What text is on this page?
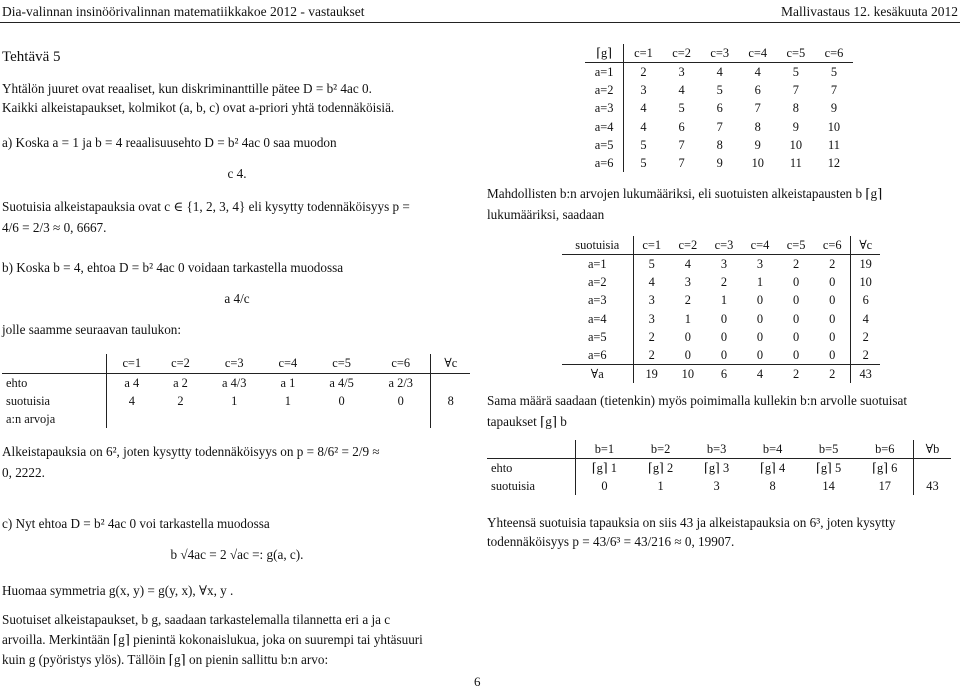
Dia-valinnan insinöörivalinnan matematiikkakoe 2012 - vastaukset	Mallivastaus 12. kesäkuuta 2012
Tehtävä 5

Yhtälön juuret ovat reaaliset, kun diskriminanttille pätee D = b² 4ac 0.

Kaikki alkeistapaukset, kolmikot (a, b, c) ovat a-priori yhtä todennäköisiä.

a) Koska a = 1 ja b = 4 reaalisuusehto D = b² 4ac 0 saa muodon

c 4.

Suotuisia alkeistapauksia ovat c ∈ {1, 2, 3, 4} eli kysytty todennäköisyys p =

4/6 = 2/3 ≈ 0, 6667.

b) Koska b = 4, ehtoa D = b² 4ac 0 voidaan tarkastella muodossa

a 4/c

jolle saamme seuraavan taulukon:

	c=1	c=2	c=3	c=4	c=5	c=6	∀c
ehto	a 4	a 2	a 4/3	a 1	a 4/5	a 2/3	
suotuisia	4	2	1	1	0	0	8
a:n arvoja							

Alkeistapauksia on 6², joten kysytty todennäköisyys on p = 8/6² = 2/9 ≈

0, 2222.

c) Nyt ehtoa D = b² 4ac 0 voi tarkastella muodossa

b √4ac = 2 √ac =: g(a, c).

Huomaa symmetria g(x, y) = g(y, x), ∀x, y .

Suotuiset alkeistapaukset, b g, saadaan tarkastelemalla tilannetta eri a ja c

arvoilla. Merkintään ⌈g⌉ pienintä kokonaislukua, joka on suurempi tai yhtäsuuri

kuin g (pyöristys ylös). Tällöin ⌈g⌉ on pienin sallittu b:n arvo:

⌈g⌉	c=1	c=2	c=3	c=4	c=5	c=6
a=1	2	3	4	4	5	5
a=2	3	4	5	6	7	7
a=3	4	5	6	7	8	9
a=4	4	6	7	8	9	10
a=5	5	7	8	9	10	11
a=6	5	7	9	10	11	12

Mahdollisten b:n arvojen lukumääriksi, eli suotuisten alkeistapausten b ⌈g⌉

lukumääriksi, saadaan

suotuisia	c=1	c=2	c=3	c=4	c=5	c=6	∀c
a=1	5	4	3	3	2	2	19
a=2	4	3	2	1	0	0	10
a=3	3	2	1	0	0	0	6
a=4	3	1	0	0	0	0	4
a=5	2	0	0	0	0	0	2
a=6	2	0	0	0	0	0	2
∀a	19	10	6	4	2	2	43

Sama määrä saadaan (tietenkin) myös poimimalla kullekin b:n arvolle suotuisat

tapaukset ⌈g⌉ b

	b=1	b=2	b=3	b=4	b=5	b=6	∀b
ehto	⌈g⌉ 1	⌈g⌉ 2	⌈g⌉ 3	⌈g⌉ 4	⌈g⌉ 5	⌈g⌉ 6	
suotuisia	0	1	3	8	14	17	43

Yhteensä suotuisia tapauksia on siis 43 ja alkeistapauksia on 6³, joten kysytty

todennäköisyys p = 43/6³ = 43/216 ≈ 0, 19907.

6
